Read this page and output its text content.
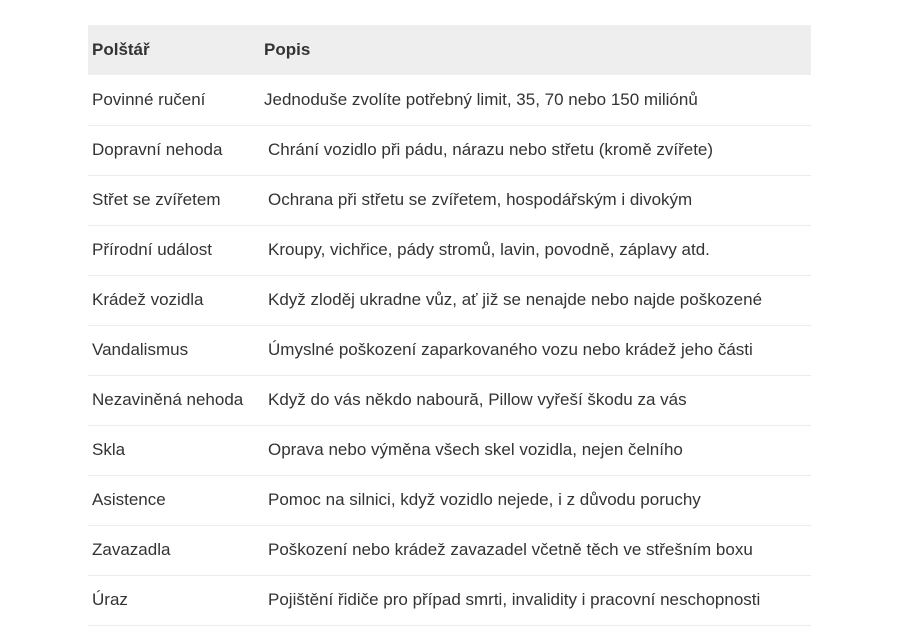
Polštář	Popis
Povinné ručení	Jednoduše zvolíte potřebný limit, 35, 70 nebo 150 miliónů
Dopravní nehoda	Chrání vozidlo při pádu, nárazu nebo střetu (kromě zvířete)
Střet se zvířetem	Ochrana při střetu se zvířetem, hospodářským i divokým
Přírodní událost	Kroupy, vichřice, pády stromů, lavin, povodně, záplavy atd.
Krádež vozidla	Když zloděj ukradne vůz, ať již se nenajde nebo najde poškozené
Vandalismus	Úmyslné poškození zaparkovaného vozu nebo krádež jeho části
Nezaviněná nehoda	Když do vás někdo naboură, Pillow vyřeší škodu za vás
Skla	Oprava nebo výměna všech skel vozidla, nejen čelního
Asistence	Pomoc na silnici, když vozidlo nejede, i z důvodu poruchy
Zavazadla	Poškození nebo krádež zavazadel včetně těch ve střešním boxu
Úraz	Pojištění řidiče pro případ smrti, invalidity i pracovní neschopnosti
